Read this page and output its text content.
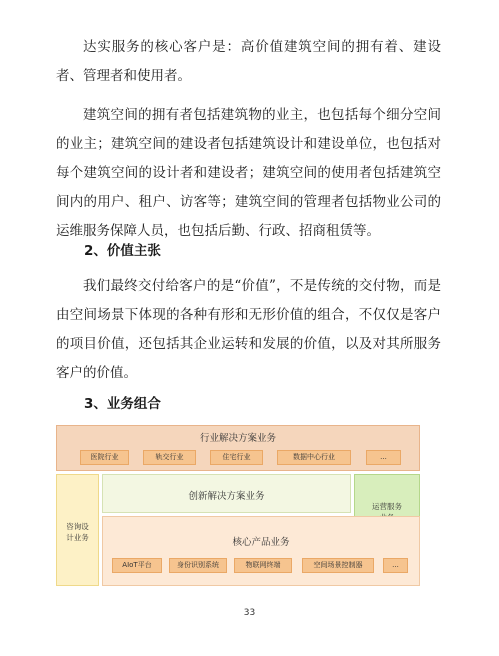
达实服务的核心客户是：高价值建筑空间的拥有着、建设者、管理者和使用者。
建筑空间的拥有者包括建筑物的业主，也包括每个细分空间的业主；建筑空间的建设者包括建筑设计和建设单位，也包括对每个建筑空间的设计者和建设者；建筑空间的使用者包括建筑空间内的用户、租户、访客等；建筑空间的管理者包括物业公司的运维服务保障人员，也包括后勤、行政、招商租赁等。
2、价值主张
我们最终交付给客户的是“价值”，不是传统的交付物，而是由空间场景下体现的各种有形和无形价值的组合，不仅仅是客户的项目价值，还包括其企业运转和发展的价值，以及对其所服务客户的价值。
3、业务组合
行业解决方案业务
医院行业	轨交行业	住宅行业	数据中心行业	...
咨询设计业务
创新解决方案业务
运营服务
核心产品业务
AIoT平台	身份识别系统	物联网终端	空间场景控制器	...
33
